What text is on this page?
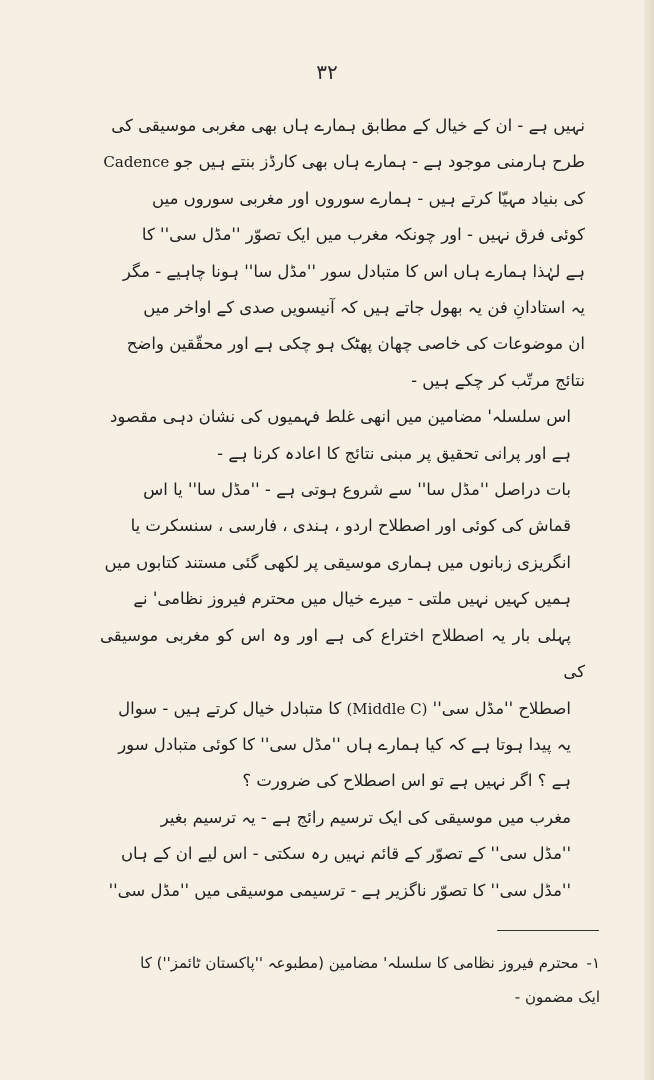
۳۲
نہیں ہے - ان کے خیال کے مطابق ہمارے ہاں بھی مغربی موسیقی کی
طرح ہارمنی موجود ہے - ہمارے ہاں بھی کارڈز بنتے ہیں جو Cadence
کی بنیاد مہیّا کرتے ہیں - ہمارے سوروں اور مغربی سوروں میں
کوئی فرق نہیں - اور چونکہ مغرب میں ایک تصوّر ''مڈل سی'' کا
ہے لہٰذا ہمارے ہاں اس کا متبادل سور ''مڈل سا'' ہونا چاہیے - مگر
یہ استادانِ فن یہ بھول جاتے ہیں کہ آنیسویں صدی کے اواخر میں
ان موضوعات کی خاصی چھان پھٹک ہو چکی ہے اور محقّقین واضح
نتائج مرتّب کر چکے ہیں -
اس سلسلہ' مضامین میں انھی غلط فہمیوں کی نشان دہی مقصود
ہے اور پرانی تحقیق پر مبنی نتائج کا اعادہ کرنا ہے -
بات دراصل ''مڈل سا'' سے شروع ہوتی ہے - ''مڈل سا'' یا اس
قماش کی کوئی اور اصطلاح اردو ، ہندی ، فارسی ، سنسکرت یا
انگریزی زبانوں میں ہماری موسیقی پر لکھی گئی مستند کتابوں میں
ہمیں کہیں نہیں ملتی - میرے خیال میں محترم فیروز نظامی' نے
پہلی بار یہ اصطلاح اختراع کی ہے اور وہ اس کو مغربی موسیقی کی
اصطلاح ''مڈل سی'' (Middle C) کا متبادل خیال کرتے ہیں - سوال
یہ پیدا ہوتا ہے کہ کیا ہمارے ہاں ''مڈل سی'' کا کوئی متبادل سور
ہے ؟ اگر نہیں ہے تو اس اصطلاح کی ضرورت ؟
مغرب میں موسیقی کی ایک ترسیم رائج ہے - یہ ترسیم بغیر
''مڈل سی'' کے تصوّر کے قائم نہیں رہ سکتی - اس لیے ان کے ہاں
''مڈل سی'' کا تصوّر ناگزیر ہے - ترسیمی موسیقی میں ''مڈل سی''
۱-محترم فیروز نظامی کا سلسلہ' مضامین (مطبوعہ ''پاکستان ٹائمز'') کا
ایک مضمون -
